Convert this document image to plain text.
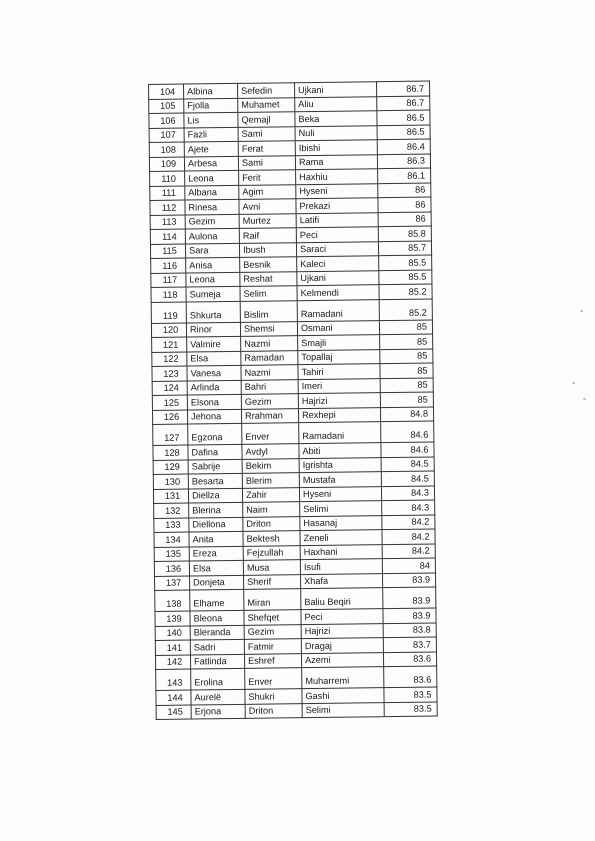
104	Albina	Sefedin	Ujkani	86.7
105	Fjolla	Muhamet	Aliu	86.7
106	Lis	Qemajl	Beka	86.5
107	Fazli	Sami	Nuli	86.5
108	Ajete	Ferat	Ibishi	86.4
109	Arbesa	Sami	Rama	86.3
110	Leona	Ferit	Haxhiu	86.1
111	Albana	Agim	Hyseni	86
112	Rinesa	Avni	Prekazi	86
113	Gezim	Murtez	Latifi	86
114	Aulona	Raif	Peci	85.8
115	Sara	Ibush	Saraci	85.7
116	Anisa	Besnik	Kaleci	85.5
117	Leona	Reshat	Ujkani	85.5
118	Sumeja	Selim	Kelmendi	85.2
119	Shkurta	Bislim	Ramadani	85.2
120	Rinor	Shemsi	Osmani	85
121	Valmire	Nazmi	Smajli	85
122	Elsa	Ramadan	Topallaj	85
123	Vanesa	Nazmi	Tahiri	85
124	Arlinda	Bahri	Imeri	85
125	Elsona	Gezim	Hajrizi	85
126	Jehona	Rrahman	Rexhepi	84.8
127	Egzona	Enver	Ramadani	84.6
128	Dafina	Avdyl	Abiti	84.6
129	Sabrije	Bekim	Igrishta	84.5
130	Besarta	Blerim	Mustafa	84.5
131	Diellza	Zahir	Hyseni	84.3
132	Blerina	Naim	Selimi	84.3
133	Diellona	Driton	Hasanaj	84.2
134	Anita	Bektesh	Zeneli	84.2
135	Ereza	Fejzullah	Haxhani	84.2
136	Elsa	Musa	Isufi	84
137	Donjeta	Sherif	Xhafa	83.9
138	Elhame	Miran	Baliu Beqiri	83.9
139	Bleona	Shefqet	Peci	83.9
140	Bleranda	Gezim	Hajrizi	83.8
141	Sadri	Fatmir	Dragaj	83.7
142	Fatlinda	Eshref	Azemi	83.6
143	Erolina	Enver	Muharremi	83.6
144	Aurelë	Shukri	Gashi	83.5
145	Erjona	Driton	Selimi	83.5
